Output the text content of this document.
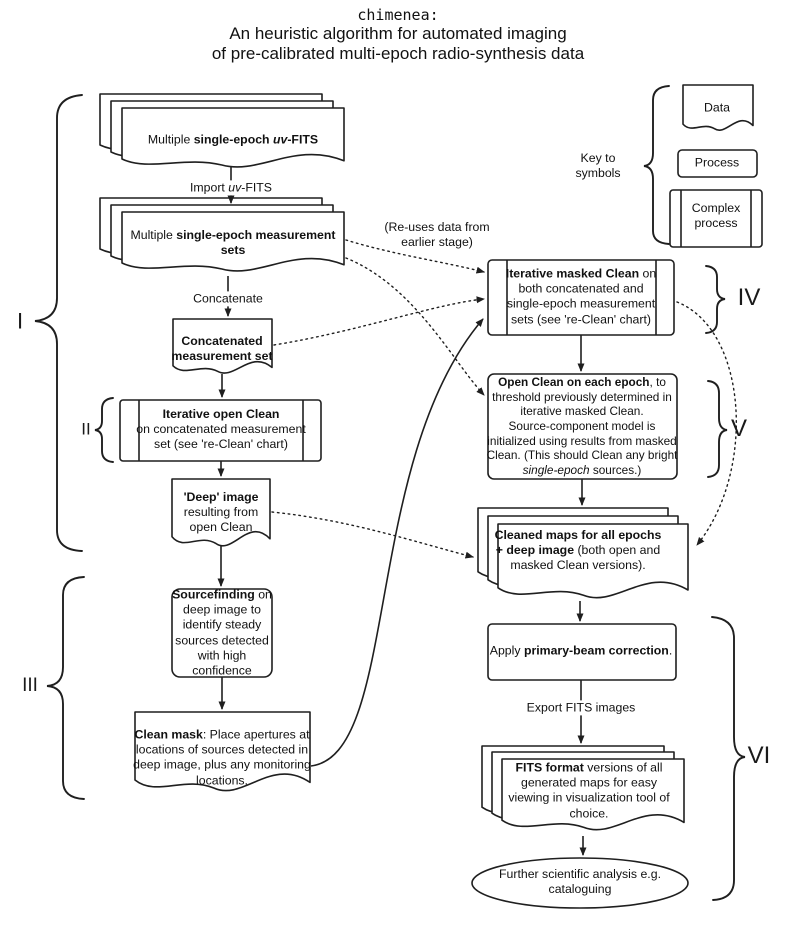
chimenea:
An heuristic algorithm for automated imaging
of pre-calibrated multi-epoch radio-synthesis data
Multiple single-epoch uv-FITS
Multiple single-epoch measurement
sets
Concatenated
measurement set
Iterative open Clean
on concatenated measurement
set (see 're-Clean' chart)
'Deep' image
resulting from
open Clean
Sourcefinding on
deep image to
identify steady
sources detected
with high
confidence
Clean mask: Place apertures at
locations of sources detected in
deep image, plus any monitoring
locations.
Iterative masked Clean on
both concatenated and
single-epoch measurement
sets (see 're-Clean' chart)
Open Clean on each epoch, to
threshold previously determined in
iterative masked Clean.
Source-component model is
initialized using results from masked
Clean. (This should Clean any bright
single-epoch sources.)
Cleaned maps for all epochs
+ deep image (both open and
masked Clean versions).
Apply primary-beam correction.
FITS format versions of all
generated maps for easy
viewing in visualization tool of
choice.
Further scientific analysis e.g.
cataloguing
Import uv-FITS
Concatenate
Export FITS images
(Re-uses data from
earlier stage)
Key to
symbols
Data
Process
Complex
process
I
II
III
IV
V
VI
